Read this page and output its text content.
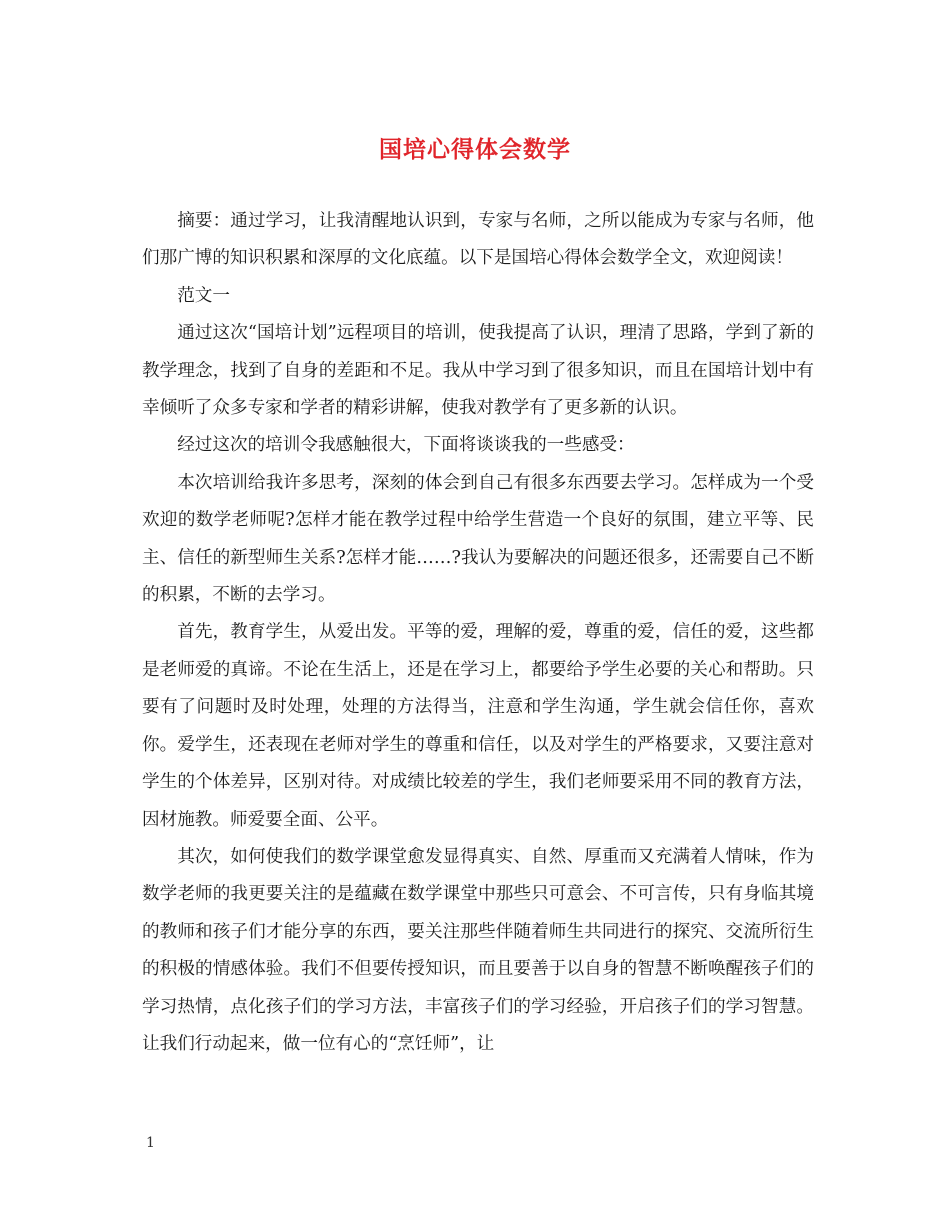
国培心得体会数学

摘要：通过学习，让我清醒地认识到，专家与名师，之所以能成为专家与名师，他们那广博的知识积累和深厚的文化底蕴。以下是国培心得体会数学全文，欢迎阅读！

范文一

通过这次“国培计划”远程项目的培训，使我提高了认识，理清了思路，学到了新的教学理念，找到了自身的差距和不足。我从中学习到了很多知识，而且在国培计划中有幸倾听了众多专家和学者的精彩讲解，使我对教学有了更多新的认识。

经过这次的培训令我感触很大，下面将谈谈我的一些感受：

本次培训给我许多思考，深刻的体会到自己有很多东西要去学习。怎样成为一个受欢迎的数学老师呢?怎样才能在教学过程中给学生营造一个良好的氛围，建立平等、民主、信任的新型师生关系?怎样才能……?我认为要解决的问题还很多，还需要自己不断的积累，不断的去学习。

首先，教育学生，从爱出发。平等的爱，理解的爱，尊重的爱，信任的爱，这些都是老师爱的真谛。不论在生活上，还是在学习上，都要给予学生必要的关心和帮助。只要有了问题时及时处理，处理的方法得当，注意和学生沟通，学生就会信任你，喜欢你。爱学生，还表现在老师对学生的尊重和信任，以及对学生的严格要求，又要注意对学生的个体差异，区别对待。对成绩比较差的学生，我们老师要采用不同的教育方法，因材施教。师爱要全面、公平。

其次，如何使我们的数学课堂愈发显得真实、自然、厚重而又充满着人情味，作为数学老师的我更要关注的是蕴藏在数学课堂中那些只可意会、不可言传，只有身临其境的教师和孩子们才能分享的东西，要关注那些伴随着师生共同进行的探究、交流所衍生的积极的情感体验。我们不但要传授知识，而且要善于以自身的智慧不断唤醒孩子们的学习热情，点化孩子们的学习方法，丰富孩子们的学习经验，开启孩子们的学习智慧。让我们行动起来，做一位有心的“烹饪师”，让

1
